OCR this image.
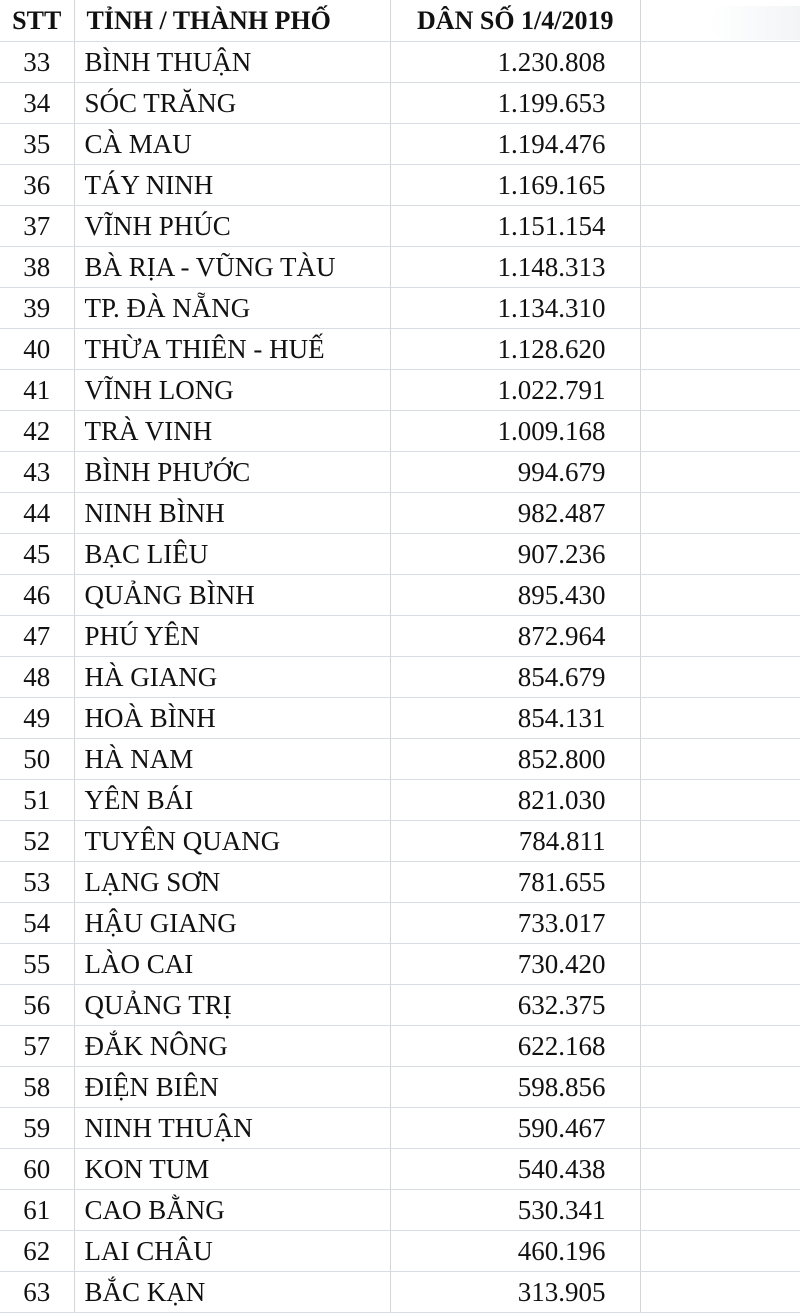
STT	TỈNH / THÀNH PHỐ	DÂN SỐ 1/4/2019	
33	BÌNH THUẬN	1.230.808	
34	SÓC TRĂNG	1.199.653	
35	CÀ MAU	1.194.476	
36	TÁY NINH	1.169.165	
37	VĨNH PHÚC	1.151.154	
38	BÀ RỊA - VŨNG TÀU	1.148.313	
39	TP. ĐÀ NẴNG	1.134.310	
40	THỪA THIÊN - HUẾ	1.128.620	
41	VĨNH LONG	1.022.791	
42	TRÀ VINH	1.009.168	
43	BÌNH PHƯỚC	994.679	
44	NINH BÌNH	982.487	
45	BẠC LIÊU	907.236	
46	QUẢNG BÌNH	895.430	
47	PHÚ YÊN	872.964	
48	HÀ GIANG	854.679	
49	HOÀ BÌNH	854.131	
50	HÀ NAM	852.800	
51	YÊN BÁI	821.030	
52	TUYÊN QUANG	784.811	
53	LẠNG SƠN	781.655	
54	HẬU GIANG	733.017	
55	LÀO CAI	730.420	
56	QUẢNG TRỊ	632.375	
57	ĐẮK NÔNG	622.168	
58	ĐIỆN BIÊN	598.856	
59	NINH THUẬN	590.467	
60	KON TUM	540.438	
61	CAO BẰNG	530.341	
62	LAI CHÂU	460.196	
63	BẮC KẠN	313.905	
